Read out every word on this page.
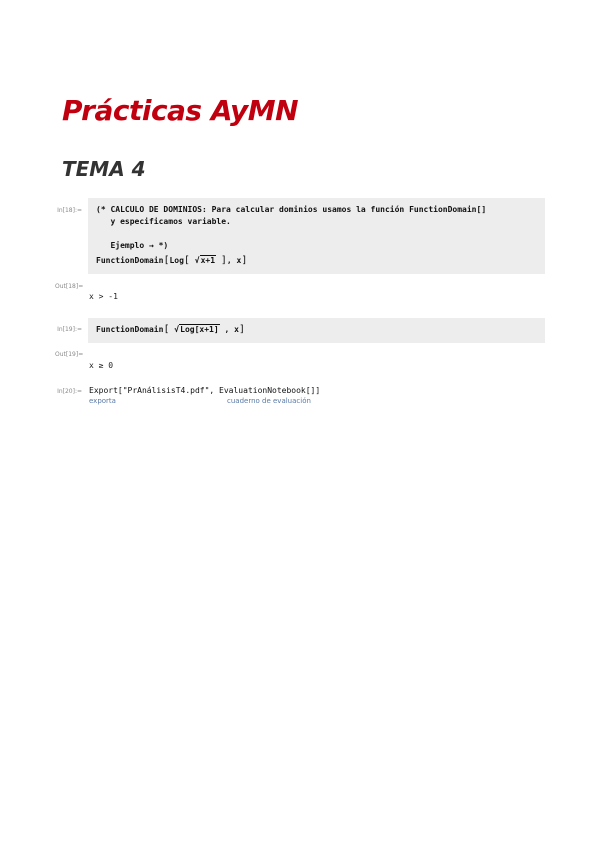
Prácticas AyMN
TEMA 4
In[18]:= (* CALCULO DE DOMINIOS: Para calcular dominios usamos la función FunctionDomain[]
y especificamos variable.
Ejemplo → *)
FunctionDomain[Log[ √x+1 ], x]
Out[18]=
x > -1
In[19]:= FunctionDomain[ √Log[x+1] , x]
Out[19]=
x ≥ 0
In[20]:= Export["PrAnálisisT4.pdf", EvaluationNotebook[]]
exporta	cuaderno de evaluación
